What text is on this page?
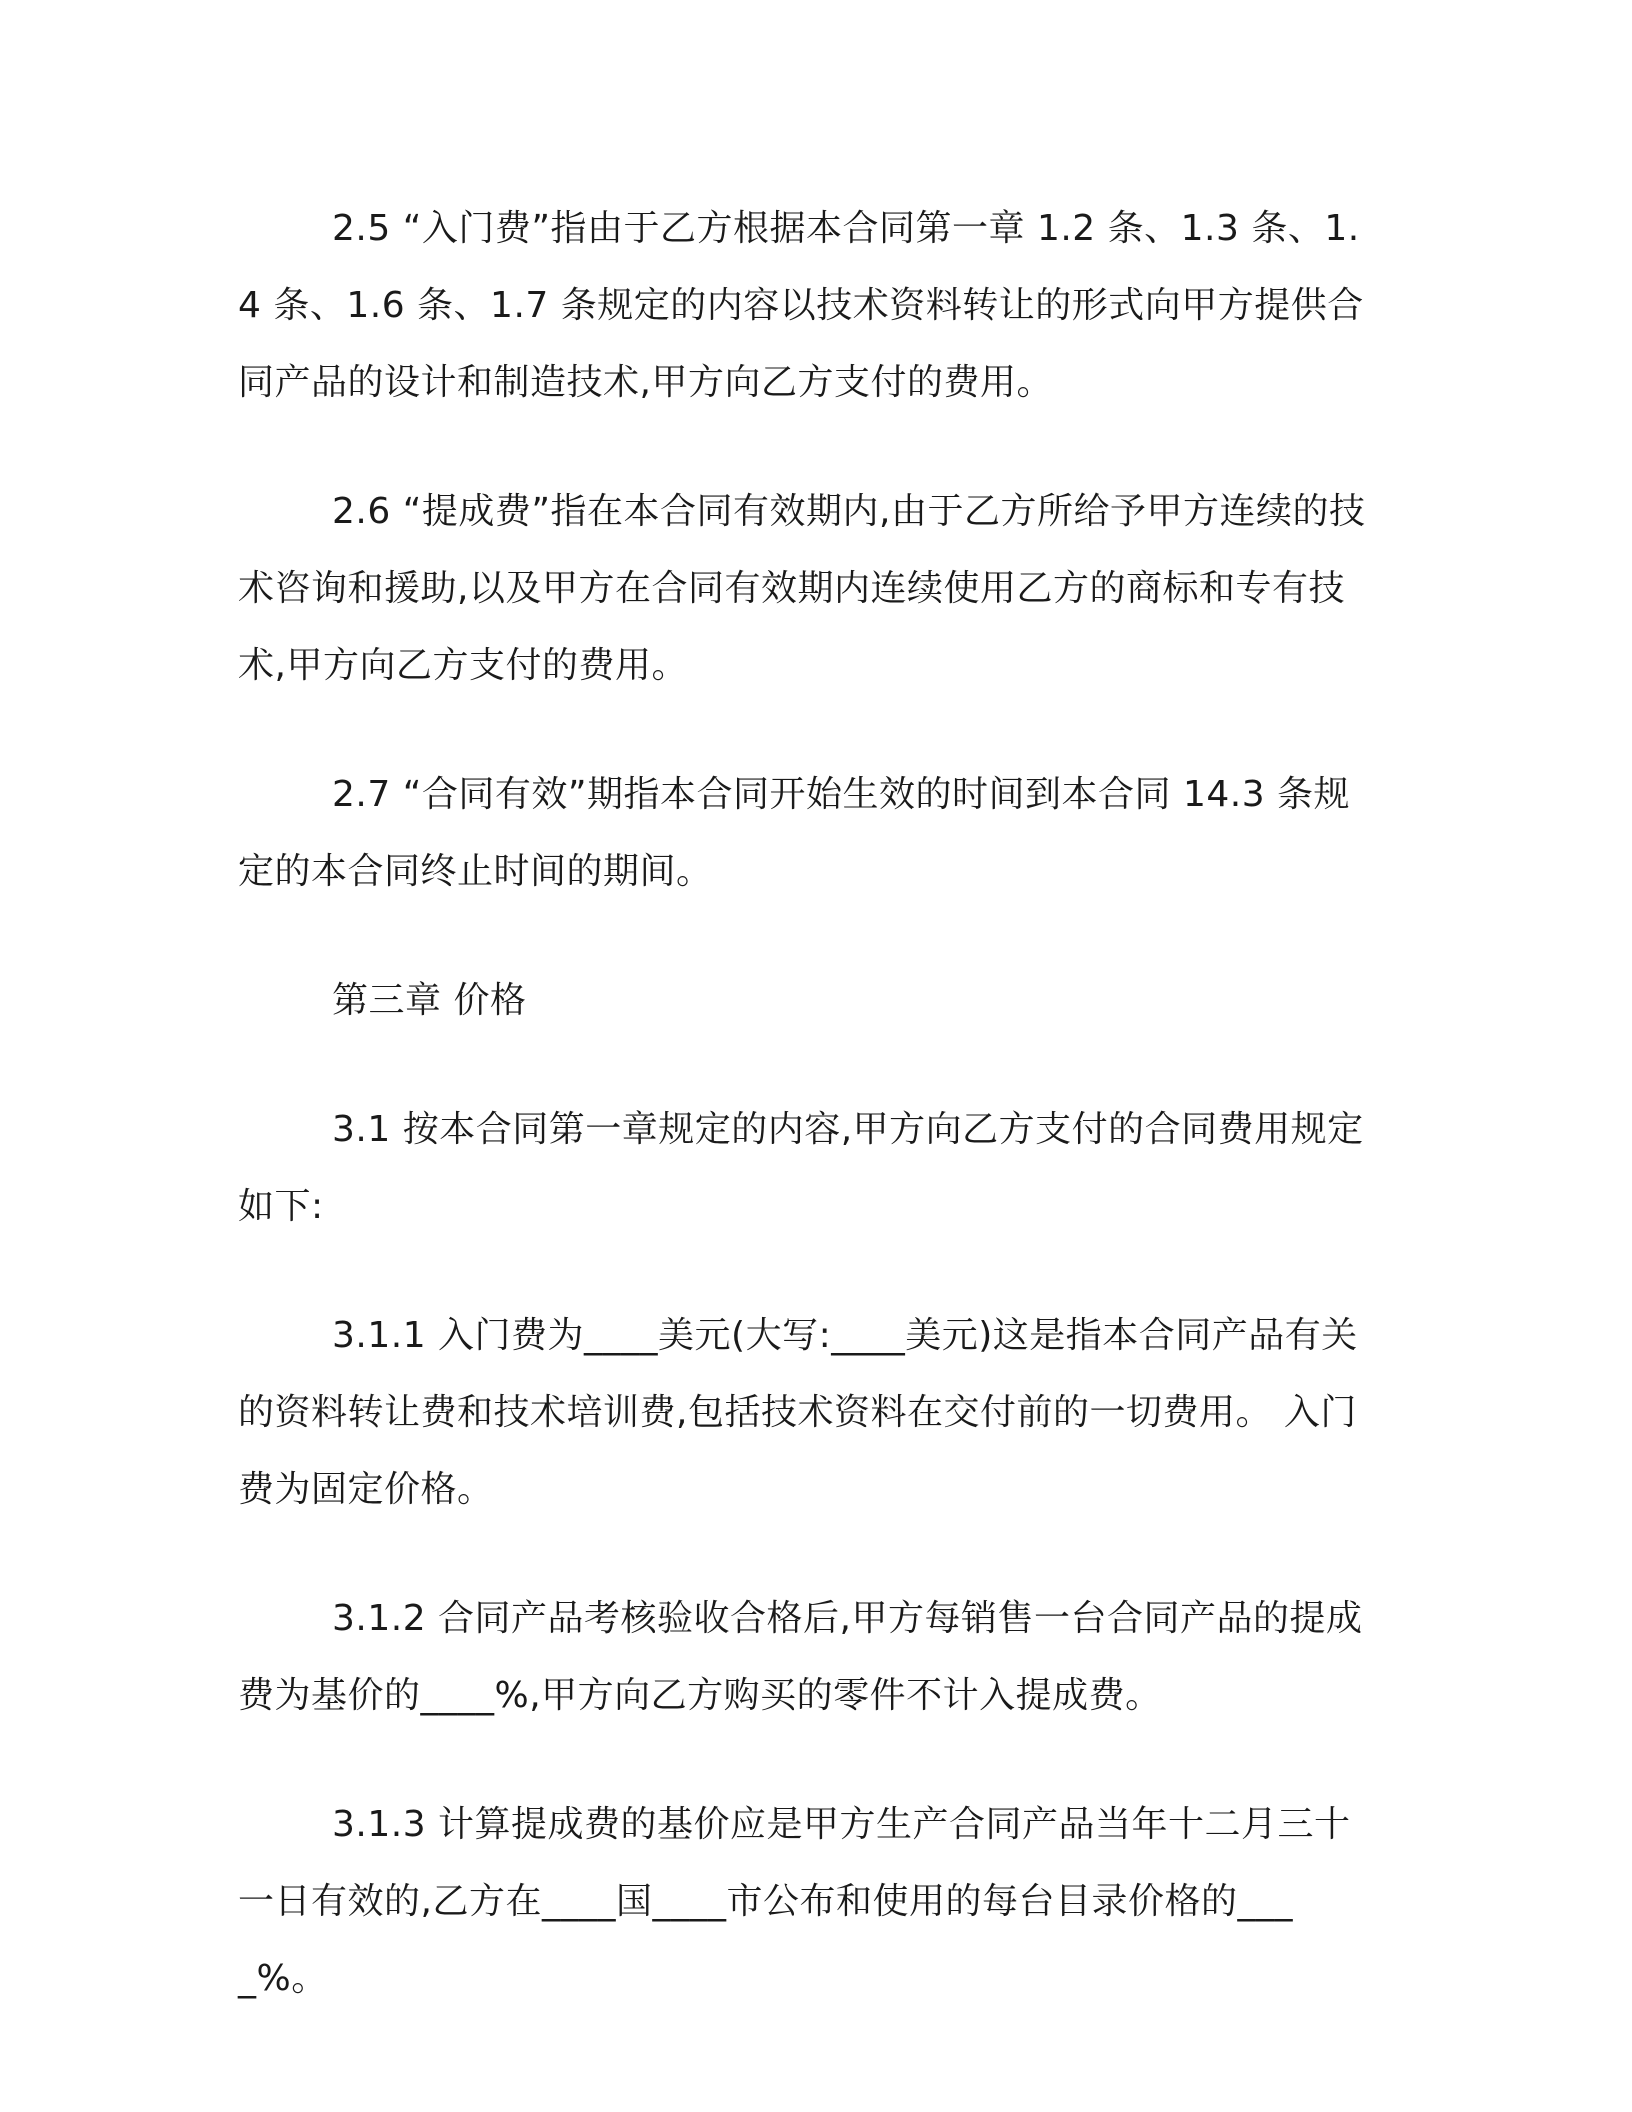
2.5 “入门费”指由于乙方根据本合同第一章 1.2 条、1.3 条、1.4 条、1.6 条、1.7 条规定的内容以技术资料转让的形式向甲方提供合同产品的设计和制造技术,甲方向乙方支付的费用。

2.6 “提成费”指在本合同有效期内,由于乙方所给予甲方连续的技术咨询和援助,以及甲方在合同有效期内连续使用乙方的商标和专有技术,甲方向乙方支付的费用。

2.7 “合同有效”期指本合同开始生效的时间到本合同 14.3 条规定的本合同终止时间的期间。

第三章 价格

3.1 按本合同第一章规定的内容,甲方向乙方支付的合同费用规定如下:

3.1.1 入门费为____美元(大写:____美元)这是指本合同产品有关的资料转让费和技术培训费,包括技术资料在交付前的一切费用。 入门费为固定价格。

3.1.2 合同产品考核验收合格后,甲方每销售一台合同产品的提成费为基价的____%,甲方向乙方购买的零件不计入提成费。

3.1.3 计算提成费的基价应是甲方生产合同产品当年十二月三十一日有效的,乙方在____国____市公布和使用的每台目录价格的____%。
